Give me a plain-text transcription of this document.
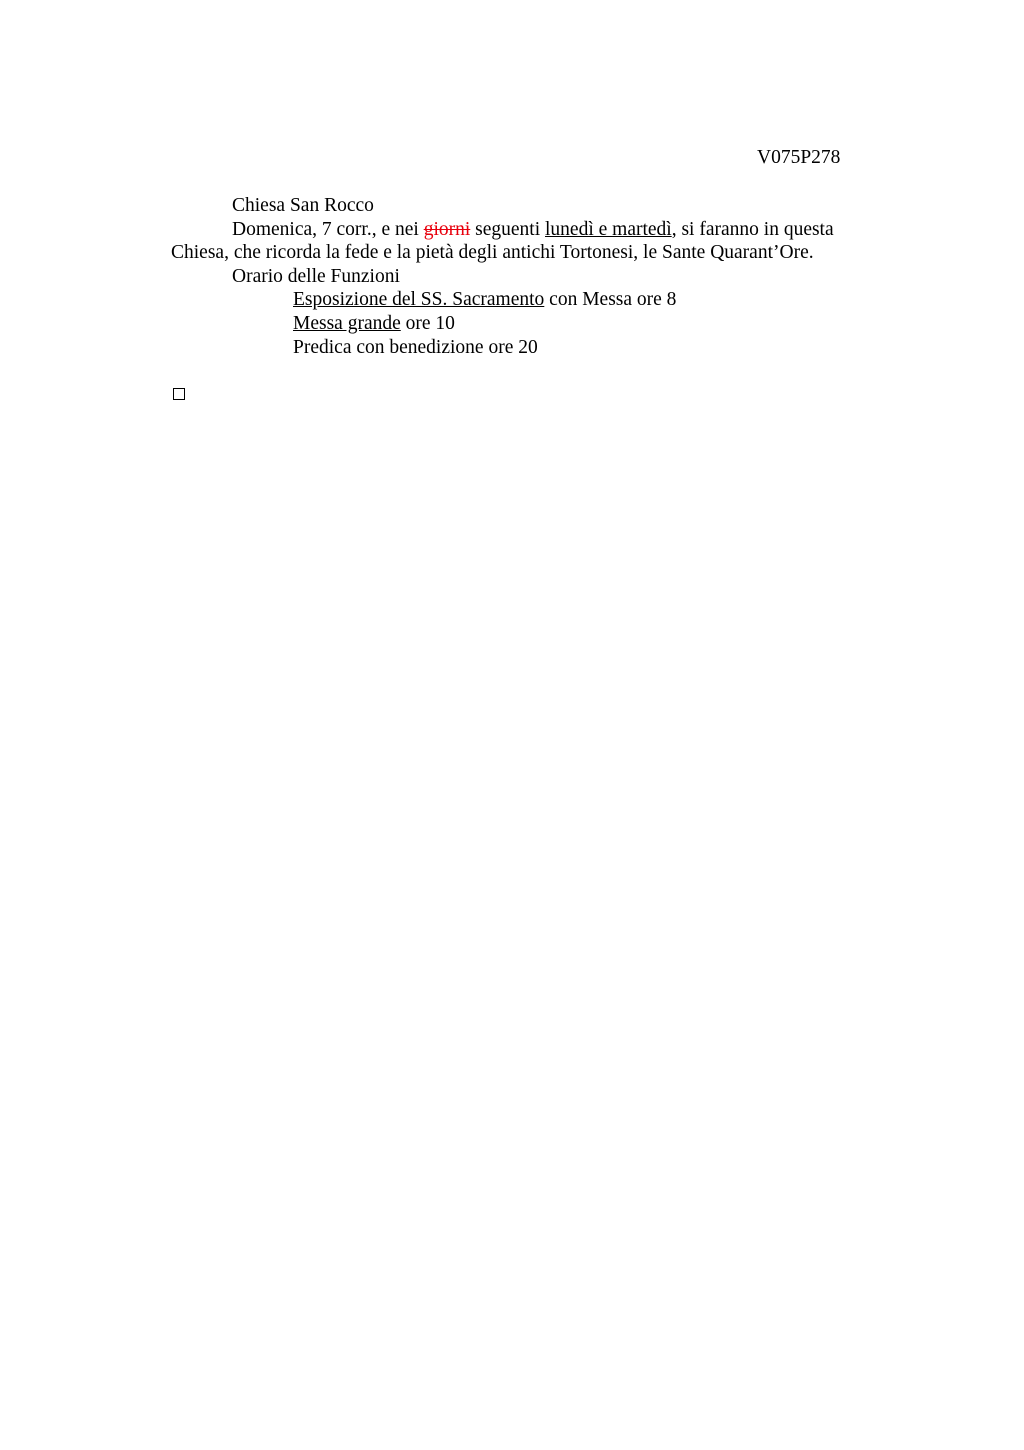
V075P278
Chiesa San Rocco
Domenica, 7 corr., e nei giorni seguenti lunedì e martedì, si faranno in questa
Chiesa, che ricorda la fede e la pietà degli antichi Tortonesi, le Sante Quarant’Ore.
Orario delle Funzioni
Esposizione del SS. Sacramento con Messa ore 8
Messa grande ore 10
Predica con benedizione ore 20
